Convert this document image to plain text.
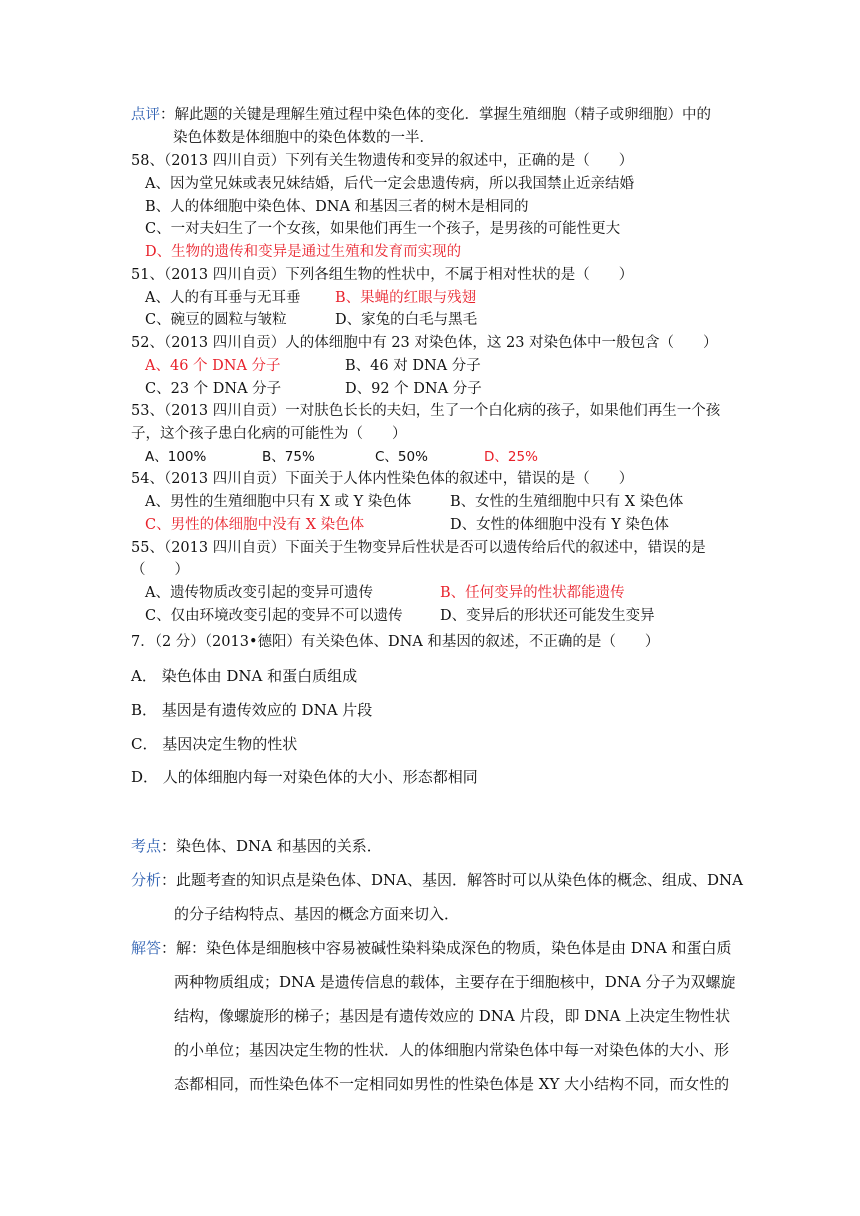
点评：解此题的关键是理解生殖过程中染色体的变化．掌握生殖细胞（精子或卵细胞）中的
染色体数是体细胞中的染色体数的一半．
58、（2013 四川自贡）下列有关生物遗传和变异的叙述中，正确的是（　　）
A、因为堂兄妹或表兄妹结婚，后代一定会患遗传病，所以我国禁止近亲结婚
B、人的体细胞中染色体、DNA 和基因三者的树木是相同的
C、一对夫妇生了一个女孩，如果他们再生一个孩子，是男孩的可能性更大
D、生物的遗传和变异是通过生殖和发育而实现的
51、（2013 四川自贡）下列各组生物的性状中，不属于相对性状的是（　　）
A、人的有耳垂与无耳垂 B、果蝇的红眼与残翅
C、碗豆的圆粒与皱粒	D、家兔的白毛与黑毛
52、（2013 四川自贡）人的体细胞中有 23 对染色体，这 23 对染色体中一般包含（　　）
A、46 个 DNA 分子	B、46 对 DNA 分子
C、23 个 DNA 分子	D、92 个 DNA 分子
53、（2013 四川自贡）一对肤色长长的夫妇，生了一个白化病的孩子，如果他们再生一个孩
子，这个孩子患白化病的可能性为（　　）
A、100%	B、75%	C、50%	D、25%
54、（2013 四川自贡）下面关于人体内性染色体的叙述中，错误的是（　　）
A、男性的生殖细胞中只有 X 或 Y 染色体	B、女性的生殖细胞中只有 X 染色体
C、男性的体细胞中没有 X 染色体	D、女性的体细胞中没有 Y 染色体
55、（2013 四川自贡）下面关于生物变异后性状是否可以遗传给后代的叙述中，错误的是
（　　）
A、遗传物质改变引起的变异可遗传	B、任何变异的性状都能遗传
C、仅由环境改变引起的变异不可以遗传	D、变异后的形状还可能发生变异
7．（2 分）（2013•德阳）有关染色体、DNA 和基因的叙述，不正确的是（　　）
A． 染色体由 DNA 和蛋白质组成
B． 基因是有遗传效应的 DNA 片段
C． 基因决定生物的性状
D． 人的体细胞内每一对染色体的大小、形态都相同
考点：染色体、DNA 和基因的关系．
分析：此题考查的知识点是染色体、DNA、基因．解答时可以从染色体的概念、组成、DNA
的分子结构特点、基因的概念方面来切入．
解答：解：染色体是细胞核中容易被碱性染料染成深色的物质，染色体是由 DNA 和蛋白质
两种物质组成；DNA 是遗传信息的载体，主要存在于细胞核中，DNA 分子为双螺旋
结构，像螺旋形的梯子；基因是有遗传效应的 DNA 片段，即 DNA 上决定生物性状
的小单位；基因决定生物的性状．人的体细胞内常染色体中每一对染色体的大小、形
态都相同，而性染色体不一定相同如男性的性染色体是 XY 大小结构不同，而女性的
